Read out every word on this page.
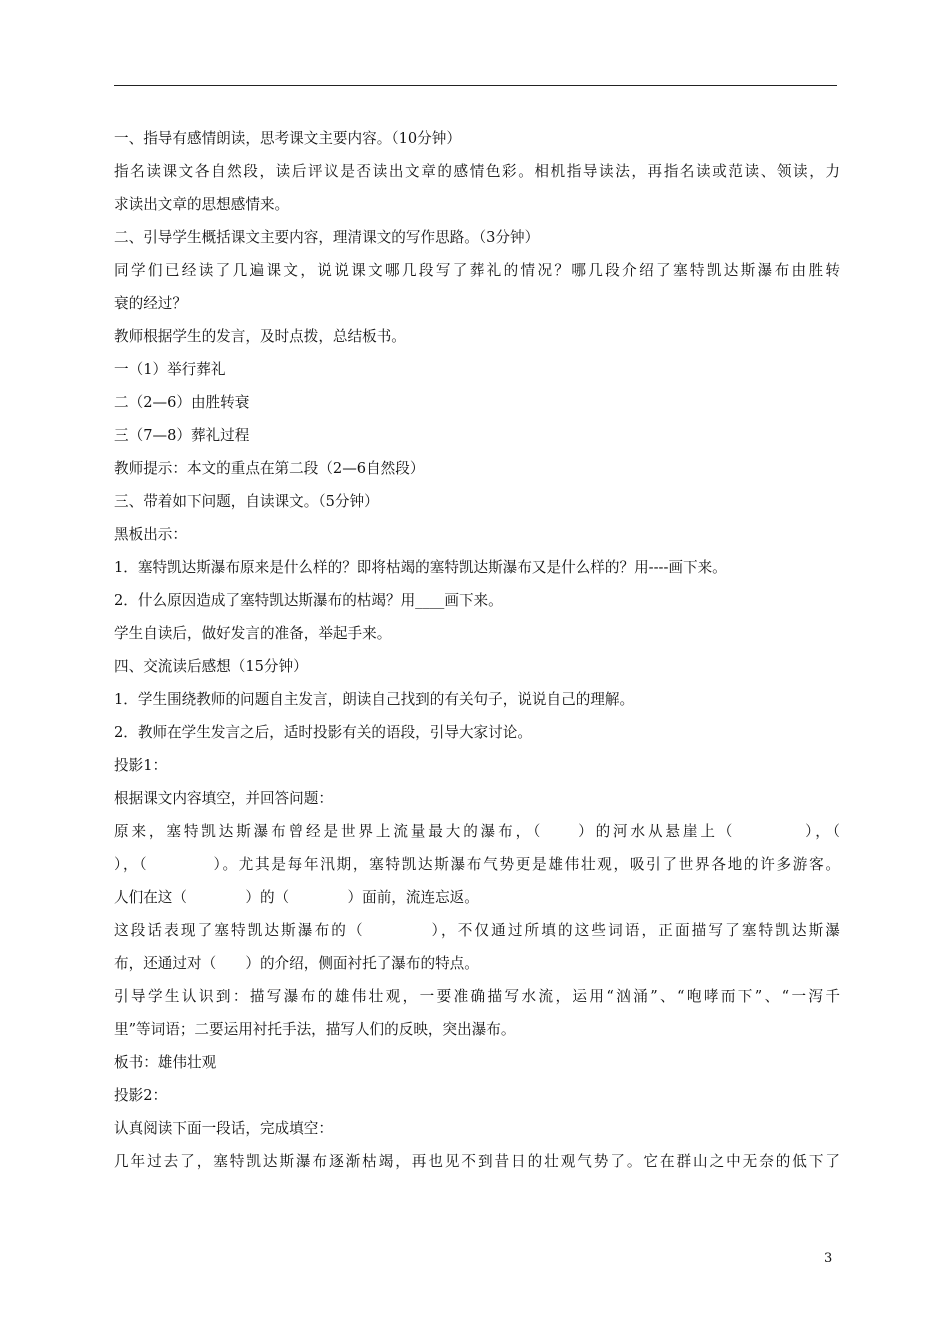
一、指导有感情朗读，思考课文主要内容。（10分钟）
指名读课文各自然段，读后评议是否读出文章的感情色彩。相机指导读法，再指名读或范读、领读，力
求读出文章的思想感情来。
二、引导学生概括课文主要内容，理清课文的写作思路。（3分钟）
同学们已经读了几遍课文，说说课文哪几段写了葬礼的情况？哪几段介绍了塞特凯达斯瀑布由胜转
衰的经过？
教师根据学生的发言，及时点拨，总结板书。
一（1）举行葬礼
二（2—6）由胜转衰
三（7—8）葬礼过程
教师提示：本文的重点在第二段（2—6自然段）
三、带着如下问题，自读课文。（5分钟）
黑板出示：
1．塞特凯达斯瀑布原来是什么样的？即将枯竭的塞特凯达斯瀑布又是什么样的？用----画下来。
2．什么原因造成了塞特凯达斯瀑布的枯竭？用____画下来。
学生自读后，做好发言的准备，举起手来。
四、交流读后感想（15分钟）
1．学生围绕教师的问题自主发言，朗读自己找到的有关句子，说说自己的理解。
2．教师在学生发言之后，适时投影有关的语段，引导大家讨论。
投影1：
根据课文内容填空，并回答问题：
原来，塞特凯达斯瀑布曾经是世界上流量最大的瀑布，（　　）的河水从悬崖上（　　　　），（
），（　　　　）。尤其是每年汛期，塞特凯达斯瀑布气势更是雄伟壮观，吸引了世界各地的许多游客。
人们在这（　　　　）的（　　　　）面前，流连忘返。
这段话表现了塞特凯达斯瀑布的（　　　　），不仅通过所填的这些词语，正面描写了塞特凯达斯瀑
布，还通过对（　　）的介绍，侧面衬托了瀑布的特点。
引导学生认识到：描写瀑布的雄伟壮观，一要准确描写水流，运用“汹涌”、“咆哮而下”、“一泻千
里”等词语；二要运用衬托手法，描写人们的反映，突出瀑布。
板书：雄伟壮观
投影2：
认真阅读下面一段话，完成填空：
几年过去了，塞特凯达斯瀑布逐渐枯竭，再也见不到昔日的壮观气势了。它在群山之中无奈的低下了
3
